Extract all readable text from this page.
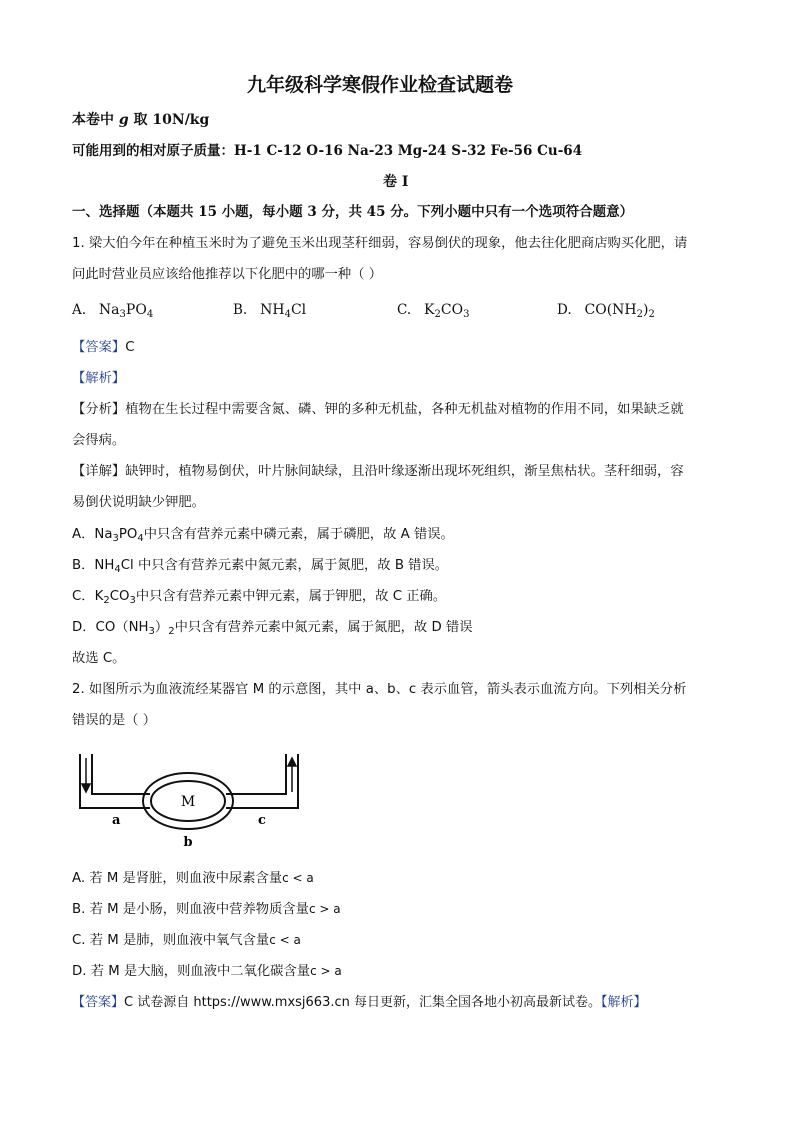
九年级科学寒假作业检查试题卷
本卷中 g 取 10N/kg
可能用到的相对原子质量：H-1 C-12 O-16 Na-23 Mg-24 S-32 Fe-56 Cu-64
卷 I
一、选择题（本题共 15 小题，每小题 3 分，共 45 分。下列小题中只有一个选项符合题意）
1. 梁大伯今年在种植玉米时为了避免玉米出现茎秆细弱，容易倒伏的现象，他去往化肥商店购买化肥，请
问此时营业员应该给他推荐以下化肥中的哪一种（ ）
A. $Na_3PO_4$	B. $NH_4Cl$	C. $K_2CO_3$	D. $CO(NH_2)_2$
【答案】C
【解析】
【分析】植物在生长过程中需要含氮、磷、钾的多种无机盐，各种无机盐对植物的作用不同，如果缺乏就
会得病。
【详解】缺钾时，植物易倒伏，叶片脉间缺绿，且沿叶缘逐渐出现坏死组织，渐呈焦枯状。茎秆细弱，容
易倒伏说明缺少钾肥。
A．$Na_3PO_4$中只含有营养元素中磷元素，属于磷肥，故 A 错误。
B．$NH_4Cl$ 中只含有营养元素中氮元素，属于氮肥，故 B 错误。
C．$K_2CO_3$中只含有营养元素中钾元素，属于钾肥，故 C 正确。
D．$CO(NH_3)_2$中只含有营养元素中氮元素，属于氮肥，故 D 错误
故选 C。
2. 如图所示为血液流经某器官 M 的示意图，其中 a、b、c 表示血管，箭头表示血流方向。下列相关分析
错误的是（ ）
M
a
b
c
A. 若 M 是肾脏，则血液中尿素含量c < a
B. 若 M 是小肠，则血液中营养物质含量c > a
C. 若 M 是肺，则血液中氧气含量c < a
D. 若 M 是大脑，则血液中二氧化碳含量c > a
【答案】C 试卷源自 https://www.mxsj663.cn 每日更新，汇集全国各地小初高最新试卷。【解析】
